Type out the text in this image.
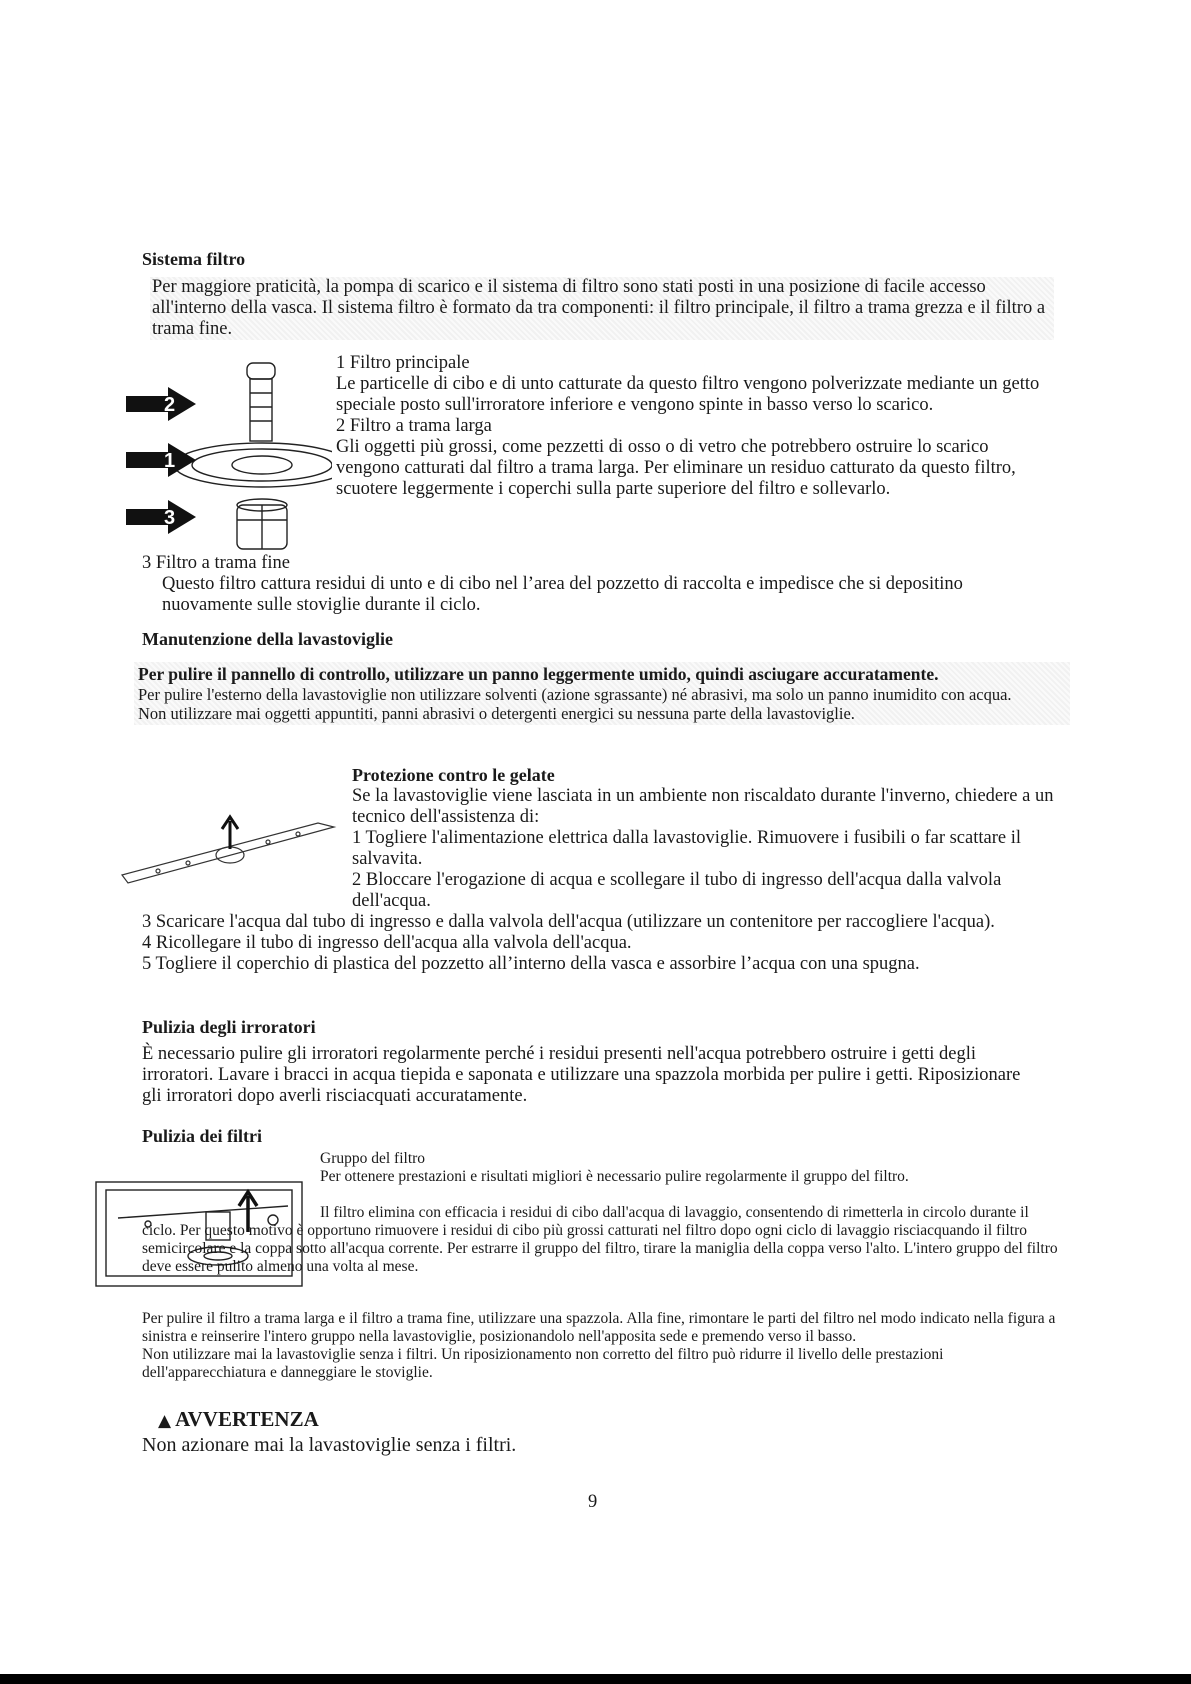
Sistema filtro
Per maggiore praticità, la pompa di scarico e il sistema di filtro sono stati posti in una posizione di facile accesso all'interno della vasca. Il sistema filtro è formato da tra componenti: il filtro principale, il filtro a trama grezza e il filtro a trama fine.
2
1
3
1 Filtro principale
Le particelle di cibo e di unto catturate da questo filtro vengono polverizzate mediante un getto speciale posto sull'irroratore inferiore e vengono spinte in basso verso lo scarico.
2 Filtro a trama larga
Gli oggetti più grossi, come pezzetti di osso o di vetro che potrebbero ostruire lo scarico vengono catturati dal filtro a trama larga. Per eliminare un residuo catturato da questo filtro, scuotere leggermente i coperchi sulla parte superiore del filtro e sollevarlo.
3 Filtro a trama fine
Questo filtro cattura residui di unto e di cibo nel l’area del pozzetto di raccolta e impedisce che si depositino nuovamente sulle stoviglie durante il ciclo.
Manutenzione della lavastoviglie
Per pulire il pannello di controllo, utilizzare un panno leggermente umido, quindi asciugare accuratamente.
Per pulire l'esterno della lavastoviglie non utilizzare solventi (azione sgrassante) né abrasivi, ma solo un panno inumidito con acqua.
Non utilizzare mai oggetti appuntiti, panni abrasivi o detergenti energici su nessuna parte della lavastoviglie.
Protezione contro le gelate
Se la lavastoviglie viene lasciata in un ambiente non riscaldato durante l'inverno, chiedere a un tecnico dell'assistenza di:
1 Togliere l'alimentazione elettrica dalla lavastoviglie. Rimuovere i fusibili o far scattare il salvavita.
2 Bloccare l'erogazione di acqua e scollegare il tubo di ingresso dell'acqua dalla valvola dell'acqua.
3 Scaricare l'acqua dal tubo di ingresso e dalla valvola dell'acqua (utilizzare un contenitore per raccogliere l'acqua).
4 Ricollegare il tubo di ingresso dell'acqua alla valvola dell'acqua.
5 Togliere il coperchio di plastica del pozzetto all’interno della vasca e assorbire l’acqua con una spugna.
Pulizia degli irroratori
È necessario pulire gli irroratori regolarmente perché i residui presenti nell'acqua potrebbero ostruire i getti degli irroratori. Lavare i bracci in acqua tiepida e saponata e utilizzare una spazzola morbida per pulire i getti. Riposizionare gli irroratori dopo averli risciacquati accuratamente.
Pulizia dei filtri
Gruppo del filtro
Per ottenere prestazioni e risultati migliori è necessario pulire regolarmente il gruppo del filtro.
Il filtro elimina con efficacia i residui di cibo dall'acqua di lavaggio, consentendo di rimetterla in circolo durante il ciclo. Per questo motivo è opportuno rimuovere i residui di cibo più grossi catturati nel filtro dopo ogni ciclo di lavaggio risciacquando il filtro semicircolare e la coppa sotto all'acqua corrente. Per estrarre il gruppo del filtro, tirare la maniglia della coppa verso l'alto. L'intero gruppo del filtro deve essere pulito almeno una volta al mese.
Per pulire il filtro a trama larga e il filtro a trama fine, utilizzare una spazzola. Alla fine, rimontare le parti del filtro nel modo indicato nella figura a sinistra e reinserire l'intero gruppo nella lavastoviglie, posizionandolo nell'apposita sede e premendo verso il basso.
Non utilizzare mai la lavastoviglie senza i filtri. Un riposizionamento non corretto del filtro può ridurre il livello delle prestazioni dell'apparecchiatura e danneggiare le stoviglie.
▲ AVVERTENZA
Non azionare mai la lavastoviglie senza i filtri.
9
